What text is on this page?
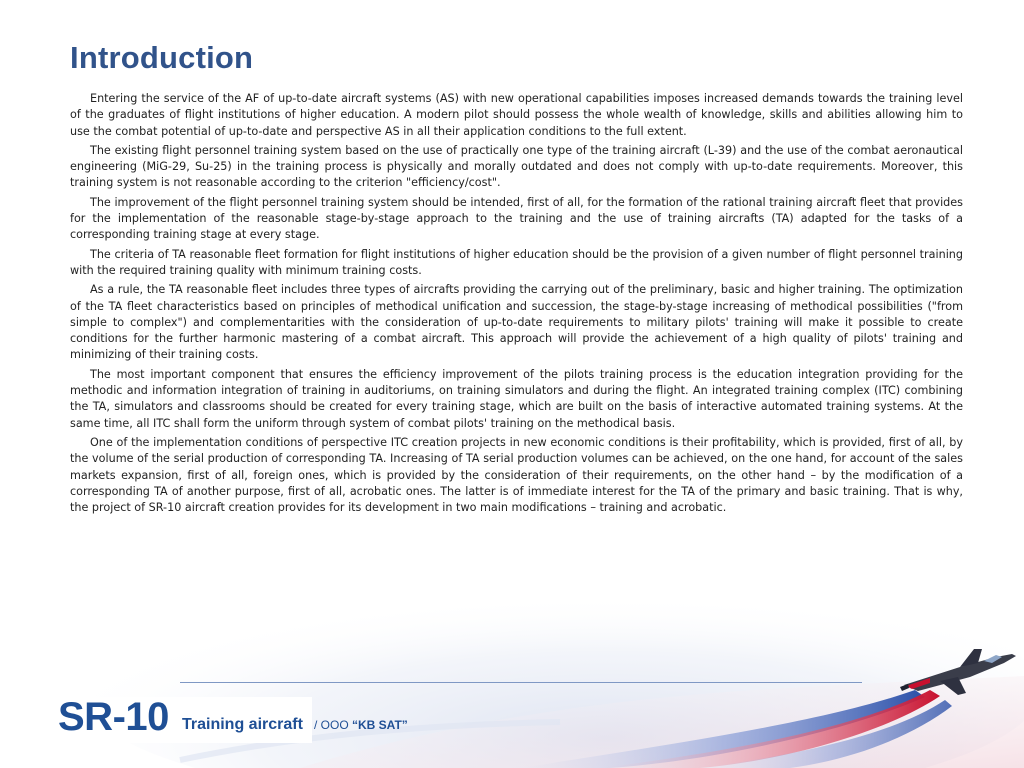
Introduction

Entering the service of the AF of up-to-date aircraft systems (AS) with new operational capabilities imposes increased demands towards the training level of the graduates of flight institutions of higher education. A modern pilot should possess the whole wealth of knowledge, skills and abilities allowing him to use the combat potential of up-to-date and perspective AS in all their application conditions to the full extent.

The existing flight personnel training system based on the use of practically one type of the training aircraft (L-39) and the use of the combat aeronautical engineering (MiG-29, Su-25) in the training process is physically and morally outdated and does not comply with up-to-date requirements. Moreover, this training system is not reasonable according to the criterion "efficiency/cost".

The improvement of the flight personnel training system should be intended, first of all, for the formation of the rational training aircraft fleet that provides for the implementation of the reasonable stage-by-stage approach to the training and the use of training aircrafts (TA) adapted for the tasks of a corresponding training stage at every stage.

The criteria of TA reasonable fleet formation for flight institutions of higher education should be the provision of a given number of flight personnel training with the required training quality with minimum training costs.

As a rule, the TA reasonable fleet includes three types of aircrafts providing the carrying out of the preliminary, basic and higher training. The optimization of the TA fleet characteristics based on principles of methodical unification and succession, the stage-by-stage increasing of methodical possibilities ("from simple to complex") and complementarities with the consideration of up-to-date requirements to military pilots' training will make it possible to create conditions for the further harmonic mastering of a combat aircraft. This approach will provide the achievement of a high quality of pilots' training and minimizing of their training costs.

The most important component that ensures the efficiency improvement of the pilots training process is the education integration providing for the methodic and information integration of training in auditoriums, on training simulators and during the flight. An integrated training complex (ITC) combining the TA, simulators and classrooms should be created for every training stage, which are built on the basis of interactive automated training systems. At the same time, all ITC shall form the uniform through system of combat pilots' training on the methodical basis.

One of the implementation conditions of perspective ITC creation projects in new economic conditions is their profitability, which is provided, first of all, by the volume of the serial production of corresponding TA. Increasing of TA serial production volumes can be achieved, on the one hand, for account of the sales markets expansion, first of all, foreign ones, which is provided by the consideration of their requirements, on the other hand – by the modification of a corresponding TA of another purpose, first of all, acrobatic ones. The latter is of immediate interest for the TA of the primary and basic training. That is why, the project of SR-10 aircraft creation provides for its development in two main modifications – training and acrobatic.

SR-10 Training aircraft / OOO “KB SAT”
